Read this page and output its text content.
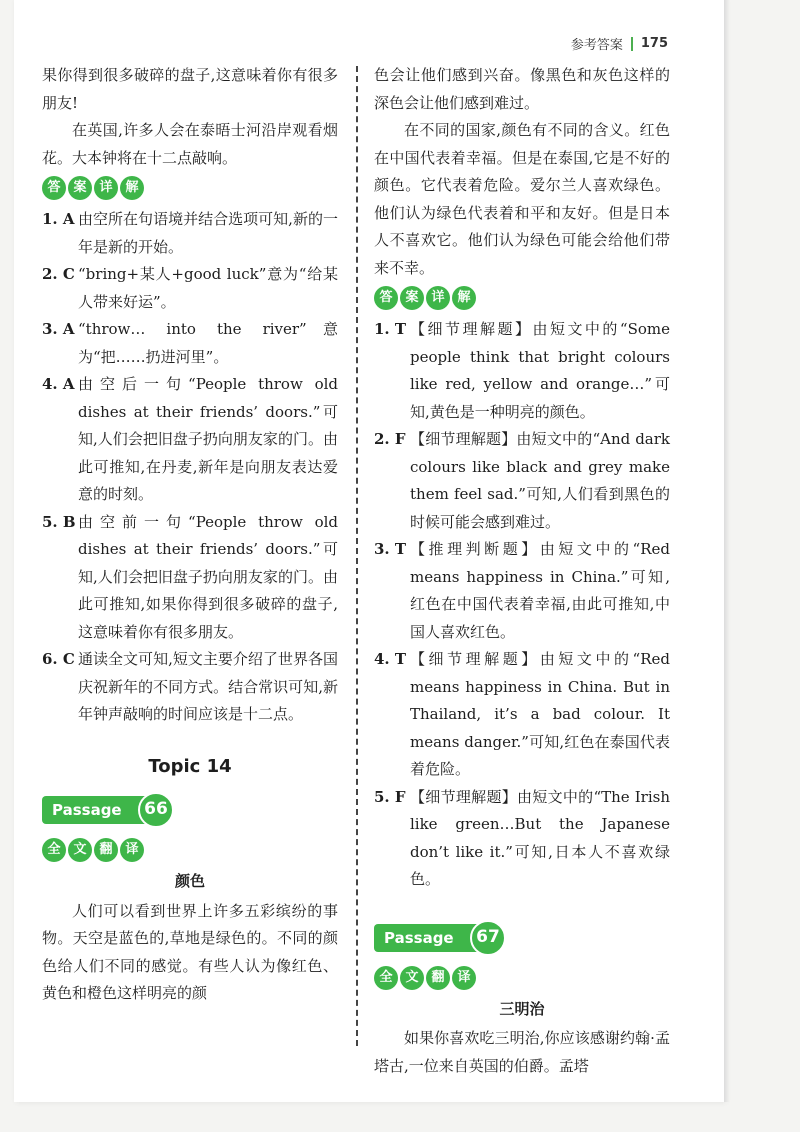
参考答案 175

果你得到很多破碎的盘子,这意味着你有很多朋友!

在英国,许多人会在泰晤士河沿岸观看烟花。大本钟将在十二点敲响。

答 案 详 解
1. A 由空所在句语境并结合选项可知,新的一年是新的开始。
2. C “bring+某人+good luck”意为“给某人带来好运”。
3. A “throw… into the river”意为“把……扔进河里”。
4. A 由空后一句“People throw old dishes at their friends’ doors.”可知,人们会把旧盘子扔向朋友家的门。由此可推知,在丹麦,新年是向朋友表达爱意的时刻。
5. B 由空前一句“People throw old dishes at their friends’ doors.”可知,人们会把旧盘子扔向朋友家的门。由此可推知,如果你得到很多破碎的盘子,这意味着你有很多朋友。
6. C 通读全文可知,短文主要介绍了世界各国庆祝新年的不同方式。结合常识可知,新年钟声敲响的时间应该是十二点。
Topic 14
Passage	66
全 文 翻 译

颜色

人们可以看到世界上许多五彩缤纷的事物。天空是蓝色的,草地是绿色的。不同的颜色给人们不同的感觉。有些人认为像红色、黄色和橙色这样明亮的颜

色会让他们感到兴奋。像黑色和灰色这样的深色会让他们感到难过。

在不同的国家,颜色有不同的含义。红色在中国代表着幸福。但是在泰国,它是不好的颜色。它代表着危险。爱尔兰人喜欢绿色。他们认为绿色代表着和平和友好。但是日本人不喜欢它。他们认为绿色可能会给他们带来不幸。

答 案 详 解
1. T 【细节理解题】由短文中的“Some people think that bright colours like red, yellow and orange…”可知,黄色是一种明亮的颜色。
2. F 【细节理解题】由短文中的“And dark colours like black and grey make them feel sad.”可知,人们看到黑色的时候可能会感到难过。
3. T 【推理判断题】由短文中的“Red means happiness in China.”可知,红色在中国代表着幸福,由此可推知,中国人喜欢红色。
4. T 【细节理解题】由短文中的“Red means happiness in China. But in Thailand, it’s a bad colour. It means danger.”可知,红色在泰国代表着危险。
5. F 【细节理解题】由短文中的“The Irish like green…But the Japanese don’t like it.”可知,日本人不喜欢绿色。
Passage	67
全 文 翻 译

三明治

如果你喜欢吃三明治,你应该感谢约翰·孟塔古,一位来自英国的伯爵。孟塔
